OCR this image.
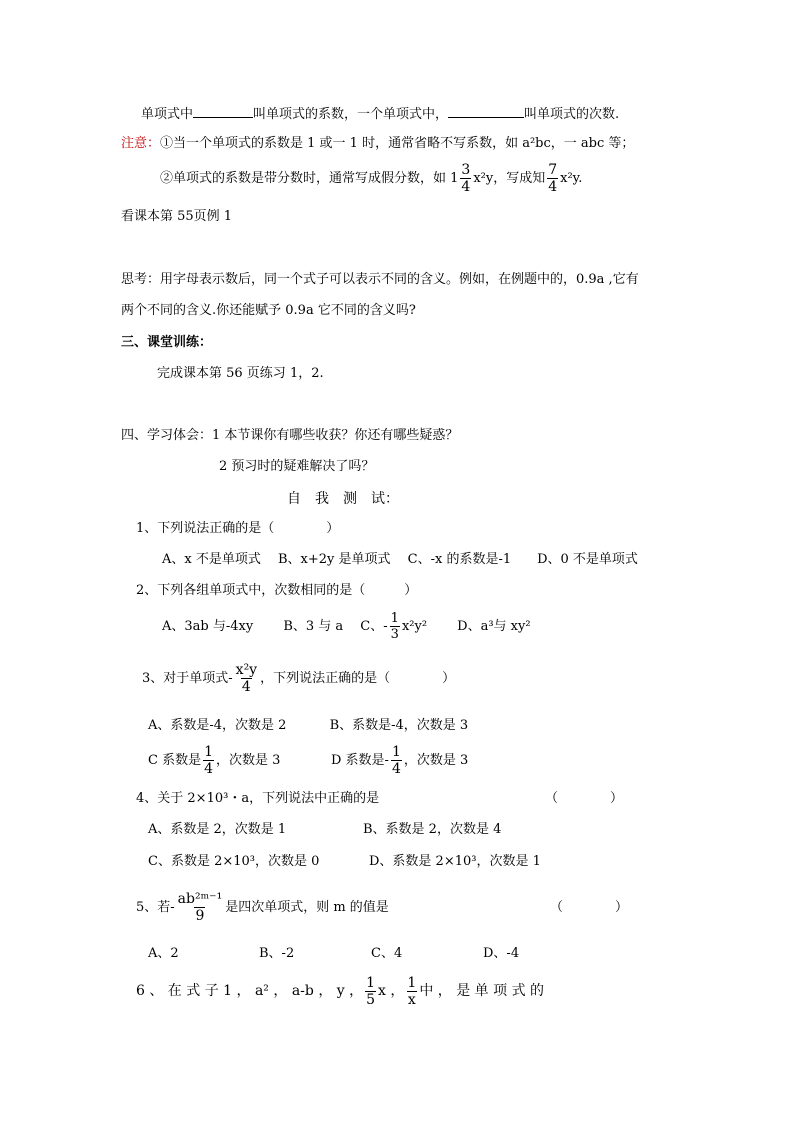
单项式中	叫单项式的系数，一个单项式中，	叫单项式的次数.
注意：①当一个单项式的系数是 1 或一 1 时，通常省略不写系数，如 a²bc，一 abc 等；
②单项式的系数是带分数时，通常写成假分数，如 $1 \frac{3}{4} x^2y$，写成知 $\frac{7}{4} x^2y$.
看课本第 55页例 1
思考：用字母表示数后，同一个式子可以表示不同的含义。例如，在例题中的，0.9a ,它有
两个不同的含义.你还能赋予 0.9a 它不同的含义吗?
三、课堂训练：
完成课本第 56 页练习 1，2.
四、学习体会：1 本节课你有哪些收获？你还有哪些疑惑？
2 预习时的疑难解决了吗？
自　我　测　试：
1、下列说法正确的是（　　　　）
A、x 不是单项式　 B、x+2y 是单项式　 C、-x 的系数是-1　　D、0 不是单项式
2、下列各组单项式中，次数相同的是（　　　）
A、3ab 与-4xy　　 B、3 与 a　 C、- $\frac{1}{3} x^2y^2$　　 D、a³与 xy²
3、对于单项式- $\frac{\text{x²y}}{4}$ ，下列说法正确的是（　　　　）
A、系数是-4，次数是 2　　　 B、系数是-4，次数是 3
C 系数是 $\frac{1}{4}$ ，次数是 3	D 系数是- $\frac{1}{4}$ ，次数是 3
4、关于 2×10³・a，下列说法中正确的是	（　　　　）
A、系数是 2，次数是 1	B、系数是 2，次数是 4
C、系数是 2×10³，次数是 0	D、系数是 2×10³，次数是 1
5、若- $\frac{\text{ab²ᵐ⁻¹}}{9}$ 是四次单项式，则 m 的值是	（　　　　）
A、2	B、-2	C、4	D、-4
6 、 在 式 子 1 ， a² ， a-b ， y ， $\frac{1}{5}$ x ， $\frac{1}{x}$ 中 ， 是 单 项 式 的
